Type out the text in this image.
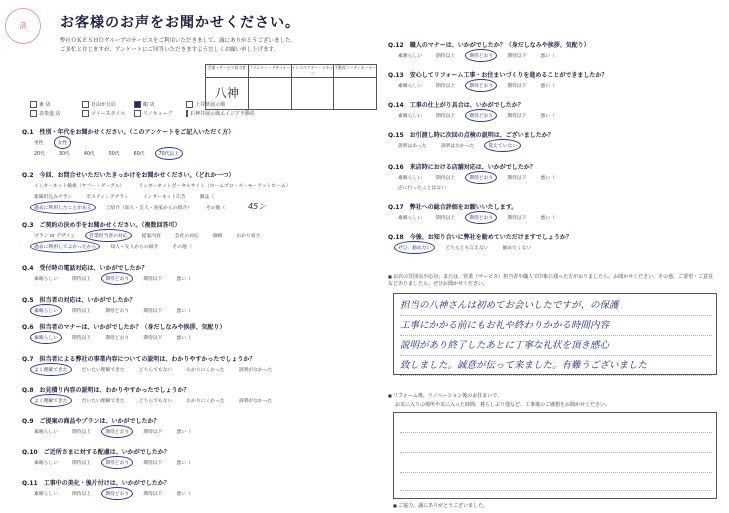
済	お客様のお声をお聞かせください。
弊社ＯＫＥＳＨＯグループのサービスをご利用いただきまして、誠にありがとうございました。
ご多忙と存じますが、アンケートにご回答いただきますよう宜しくお願い申し上げます。
営業・サービス担当者 プランナー・デザイナー インスペクター・スキップ
不動産コーディネーター
八神
東 店	自由が丘店	鶴 店	上井草展示場
表参道 店	ツイースタイル	リノキューブ	石神井展示場エイジア不動産
Q.1　性別・年代をお聞かせください。（このアンケートをご記入いただく方）
男性	女性
20代	30代	40代	50代	60代	70代以上
Q.2　今回、お問合せいただいたきっかけをお聞かせください。（どれか一つ）
インターネット検索（ヤフー・グーグル）	インターネットポータルサイト（ホームプロ・スーモ・アットホーム）
新聞折込みチラシ	ポスティングチラシ	インターネット広告	雑誌（
過去に利用したことがある	ご紹介（知人・友人・実家からの紹介）	その他（	45ン
Q.3　ご契約の決め手をお聞かせください。（複数回答可）
プラン or デザイン	営業担当者の対応	提案内容	会社の対応	価格	わかり易さ
過去に利用してよかったから	知人・友人からの紹介	その他（
Q.4　受付時の電話対応は、いかがでしたか？
素晴らしい	期待以上	期待どおり	期待以下	悪い（
Q.5　担当者の対応は、いかがでしたか？
素晴らしい	期待以上	期待どおり	期待以下	悪い（
Q.6　担当者のマナーは、いかがでしたか？（身だしなみや挨拶、気配り）
素晴らしい	期待以上	期待どおり	期待以下	悪い（
Q.7　担当者による弊社の事業内容についての説明は、わかりやすかったでしょうか？
よく理解できた	だいたい理解できた	どちらでもない	わかりにくかった	説明がなかった
Q.8　お見積り内容の説明は、わかりやすかったでしょうか？
よく理解できた	だいたい理解できた	どちらでもない	わかりにくかった	説明がなかった
Q.9　ご提案の商品やプランは、いかがでしたか？
素晴らしい	期待以上	期待どおり	期待以下	悪い（
Q.10　ご近所さまに対する配慮は、いかがでしたか？
素晴らしい	期待以上	期待どおり	期待以下	悪い（
Q.11　工事中の美化・後片付けは、いかがでしたか？
素晴らしい	期待以上	期待どおり	期待以下	悪い（
Q.12　職人のマナーは、いかがでしたか？（身だしなみや挨拶、気配り）
素晴らしい	期待以上	期待どおり	期待以下	悪い（
Q.13　安心してリフォーム工事・お住まいづくりを進めることができましたか？
素晴らしい	期待以上	期待どおり	期待以下	悪い（
Q.14　工事の仕上がり具合は、いかがでしたか？
素晴らしい	期待以上	期待どおり	期待以下	悪い（
Q.15　お引渡し時に次回の点検の説明は、ございましたか？
説明はあった	説明はなかった	覚えていない
Q.16　来店時における店舗対応は、いかがでしたか？
素晴らしい	期待以上	期待どおり	期待以下	悪い（
店に行ったことはない
Q.17　弊社への総合評価をお願いいたします。
素晴らしい	期待以上	期待どおり	期待以下	悪い（
Q.18　今後、お知り合いに弊社を勧めていただけますでしょうか？
ぜひ、勧めたい	どちらとも言えない	勧めたくない
■ お店の雰囲気や応対、または、営業（サービス）担当者や職人で印象に残った方がおりましたら、お聞かせください。その他、ご要望・ご意見などありましたら、ぜひお聞かせください。
担当の八神さんは初めてお会いしたですが、の保護
工事にかかる前にもお礼や終わりかかる時間内容
説明があり終了したあとに丁寧な礼状を頂き感心
致しました。誠意が伝って来ました。有難うございました
■ リフォーム後、リノベーション後のお住まいで、
お気に入りの場所や気に入った時間、暮らしぶり他など、工事後のご感想をお聞かせください。
■ ご協力、誠にありがとうございました。
